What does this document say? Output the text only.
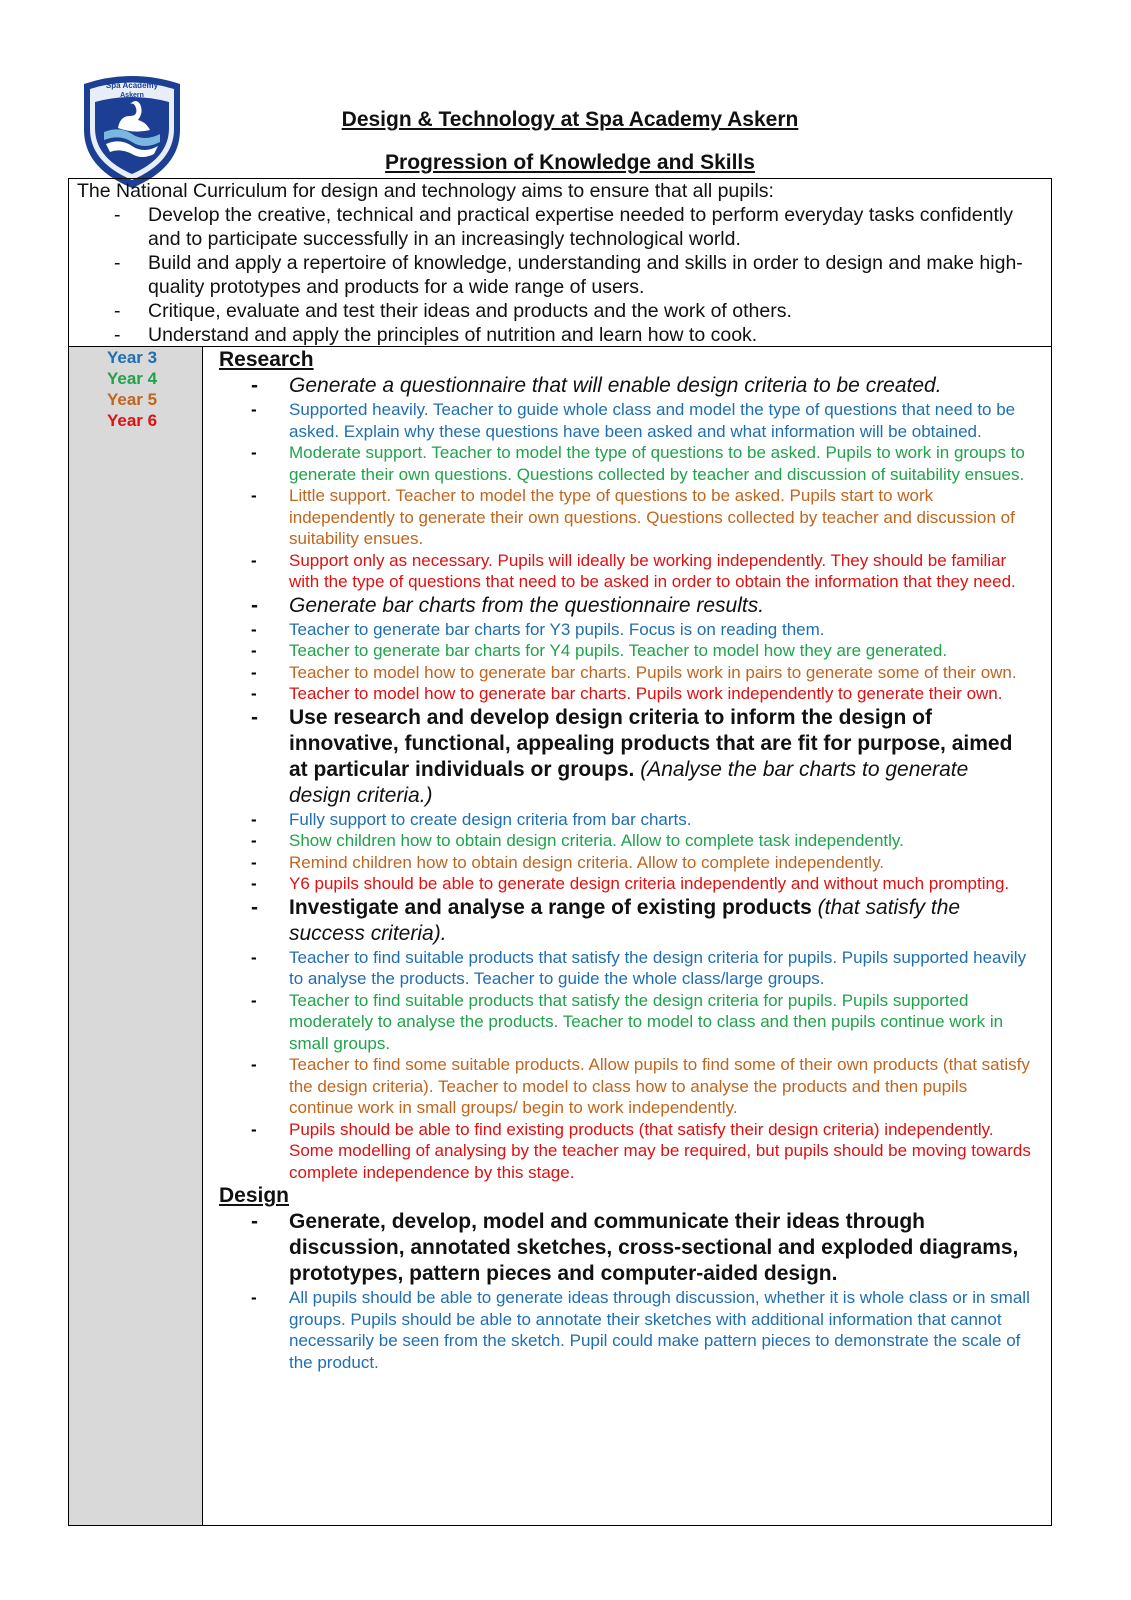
Spa Academy
Askern
Design & Technology at Spa Academy Askern
Progression of Knowledge and Skills
The National Curriculum for design and technology aims to ensure that all pupils:
- Develop the creative, technical and practical expertise needed to perform everyday tasks confidently and to participate successfully in an increasingly technological world.
- Build and apply a repertoire of knowledge, understanding and skills in order to design and make high-quality prototypes and products for a wide range of users.
- Critique, evaluate and test their ideas and products and the work of others.
- Understand and apply the principles of nutrition and learn how to cook.
Year 3
Year 4
Year 5
Year 6
Research
- Generate a questionnaire that will enable design criteria to be created.
- Supported heavily. Teacher to guide whole class and model the type of questions that need to be asked. Explain why these questions have been asked and what information will be obtained.
- Moderate support. Teacher to model the type of questions to be asked. Pupils to work in groups to generate their own questions. Questions collected by teacher and discussion of suitability ensues.
- Little support. Teacher to model the type of questions to be asked. Pupils start to work independently to generate their own questions. Questions collected by teacher and discussion of suitability ensues.
- Support only as necessary. Pupils will ideally be working independently. They should be familiar with the type of questions that need to be asked in order to obtain the information that they need.
- Generate bar charts from the questionnaire results.
- Teacher to generate bar charts for Y3 pupils. Focus is on reading them.
- Teacher to generate bar charts for Y4 pupils. Teacher to model how they are generated.
- Teacher to model how to generate bar charts. Pupils work in pairs to generate some of their own.
- Teacher to model how to generate bar charts. Pupils work independently to generate their own.
- Use research and develop design criteria to inform the design of innovative, functional, appealing products that are fit for purpose, aimed at particular individuals or groups. (Analyse the bar charts to generate design criteria.)
- Fully support to create design criteria from bar charts.
- Show children how to obtain design criteria. Allow to complete task independently.
- Remind children how to obtain design criteria. Allow to complete independently.
- Y6 pupils should be able to generate design criteria independently and without much prompting.
- Investigate and analyse a range of existing products (that satisfy the success criteria).
- Teacher to find suitable products that satisfy the design criteria for pupils. Pupils supported heavily to analyse the products. Teacher to guide the whole class/large groups.
- Teacher to find suitable products that satisfy the design criteria for pupils. Pupils supported moderately to analyse the products. Teacher to model to class and then pupils continue work in small groups.
- Teacher to find some suitable products. Allow pupils to find some of their own products (that satisfy the design criteria). Teacher to model to class how to analyse the products and then pupils continue work in small groups/ begin to work independently.
- Pupils should be able to find existing products (that satisfy their design criteria) independently. Some modelling of analysing by the teacher may be required, but pupils should be moving towards complete independence by this stage.
Design
- Generate, develop, model and communicate their ideas through discussion, annotated sketches, cross-sectional and exploded diagrams, prototypes, pattern pieces and computer-aided design.
- All pupils should be able to generate ideas through discussion, whether it is whole class or in small groups. Pupils should be able to annotate their sketches with additional information that cannot necessarily be seen from the sketch. Pupil could make pattern pieces to demonstrate the scale of the product.
